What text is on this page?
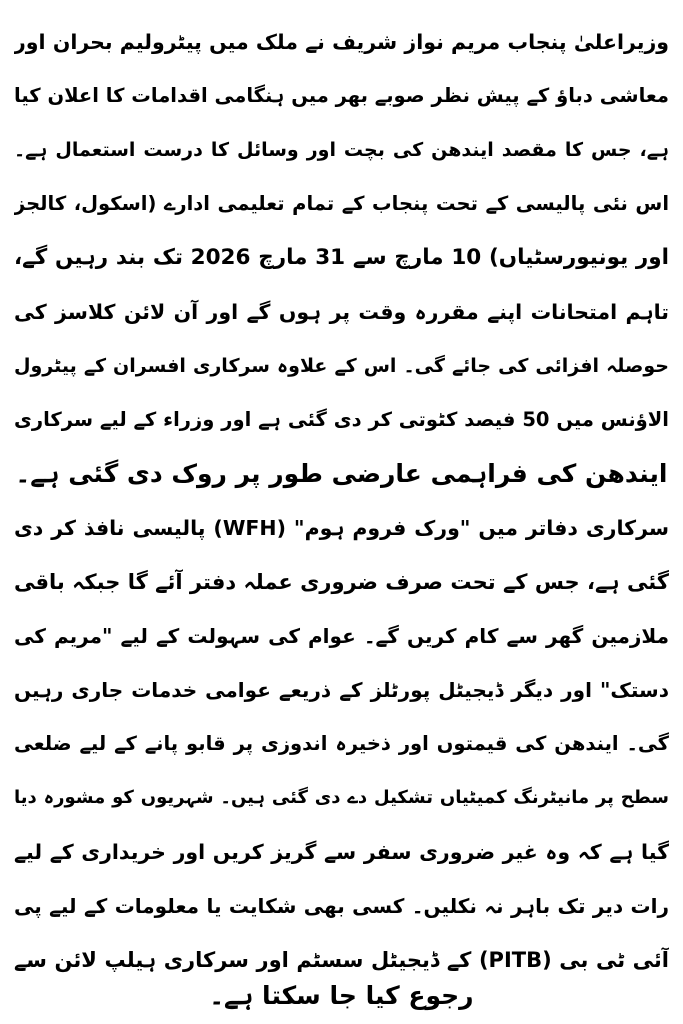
وزیراعلیٰ پنجاب مریم نواز شریف نے ملک میں پیٹرولیم بحران اور
معاشی دباؤ کے پیش نظر صوبے بھر میں ہنگامی اقدامات کا اعلان کیا
ہے، جس کا مقصد ایندھن کی بچت اور وسائل کا درست استعمال ہے۔
اس نئی پالیسی کے تحت پنجاب کے تمام تعلیمی ادارے (اسکول، کالجز
اور یونیورسٹیاں) 10 مارچ سے 31 مارچ 2026 تک بند رہیں گے،
تاہم امتحانات اپنے مقررہ وقت پر ہوں گے اور آن لائن کلاسز کی
حوصلہ افزائی کی جائے گی۔ اس کے علاوہ سرکاری افسران کے پیٹرول
الاؤنس میں 50 فیصد کٹوتی کر دی گئی ہے اور وزراء کے لیے سرکاری
ایندھن کی فراہمی عارضی طور پر روک دی گئی ہے۔
سرکاری دفاتر میں "ورک فروم ہوم" (WFH) پالیسی نافذ کر دی
گئی ہے، جس کے تحت صرف ضروری عملہ دفتر آئے گا جبکہ باقی
ملازمین گھر سے کام کریں گے۔ عوام کی سہولت کے لیے "مریم کی
دستک" اور دیگر ڈیجیٹل پورٹلز کے ذریعے عوامی خدمات جاری رہیں
گی۔ ایندھن کی قیمتوں اور ذخیرہ اندوزی پر قابو پانے کے لیے ضلعی
سطح پر مانیٹرنگ کمیٹیاں تشکیل دے دی گئی ہیں۔ شہریوں کو مشورہ دیا
گیا ہے کہ وہ غیر ضروری سفر سے گریز کریں اور خریداری کے لیے
رات دیر تک باہر نہ نکلیں۔ کسی بھی شکایت یا معلومات کے لیے پی
آئی ٹی بی (PITB) کے ڈیجیٹل سسٹم اور سرکاری ہیلپ لائن سے
رجوع کیا جا سکتا ہے۔
